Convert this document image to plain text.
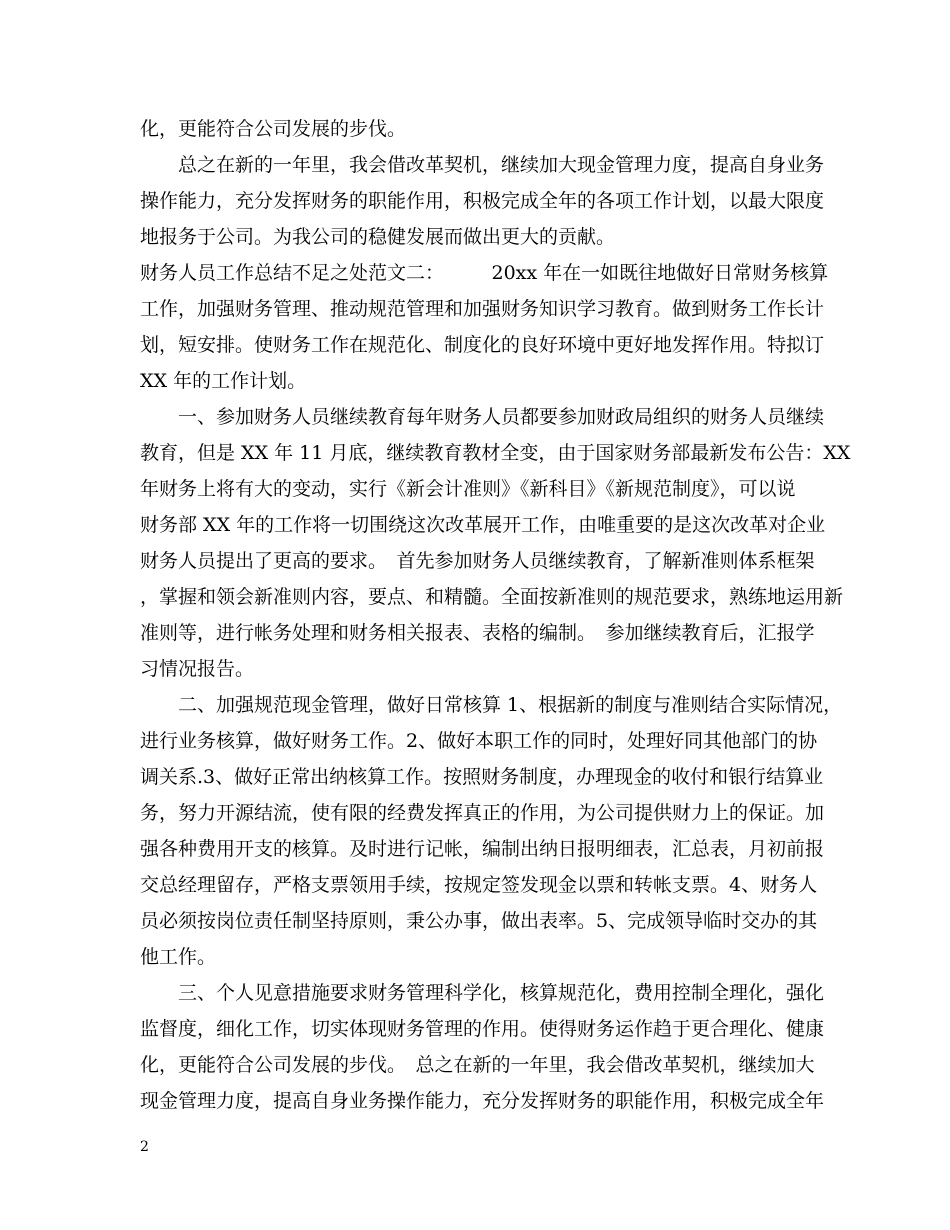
化，更能符合公司发展的步伐。
　　总之在新的一年里，我会借改革契机，继续加大现金管理力度，提高自身业务
操作能力，充分发挥财务的职能作用，积极完成全年的各项工作计划，以最大限度
地报务于公司。为我公司的稳健发展而做出更大的贡献。
财务人员工作总结不足之处范文二：　　　20xx 年在一如既往地做好日常财务核算
工作，加强财务管理、推动规范管理和加强财务知识学习教育。做到财务工作长计
划，短安排。使财务工作在规范化、制度化的良好环境中更好地发挥作用。特拟订
XX 年的工作计划。
　　一、参加财务人员继续教育每年财务人员都要参加财政局组织的财务人员继续
教育，但是 XX 年 11 月底，继续教育教材全变，由于国家财务部最新发布公告：XX
年财务上将有大的变动，实行《新会计准则》《新科目》《新规范制度》，可以说
财务部 XX 年的工作将一切围绕这次改革展开工作，由唯重要的是这次改革对企业
财务人员提出了更高的要求。　首先参加财务人员继续教育，了解新准则体系框架
，掌握和领会新准则内容，要点、和精髓。全面按新准则的规范要求，熟练地运用新
准则等，进行帐务处理和财务相关报表、表格的编制。　参加继续教育后，汇报学
习情况报告。
　　二、加强规范现金管理，做好日常核算 1、根据新的制度与准则结合实际情况，
进行业务核算，做好财务工作。2、做好本职工作的同时，处理好同其他部门的协
调关系.3、做好正常出纳核算工作。按照财务制度，办理现金的收付和银行结算业
务，努力开源结流，使有限的经费发挥真正的作用，为公司提供财力上的保证。加
强各种费用开支的核算。及时进行记帐，编制出纳日报明细表，汇总表，月初前报
交总经理留存，严格支票领用手续，按规定签发现金以票和转帐支票。4、财务人
员必须按岗位责任制坚持原则，秉公办事，做出表率。5、完成领导临时交办的其
他工作。
　　三、个人见意措施要求财务管理科学化，核算规范化，费用控制全理化，强化
监督度，细化工作，切实体现财务管理的作用。使得财务运作趋于更合理化、健康
化，更能符合公司发展的步伐。　总之在新的一年里，我会借改革契机，继续加大
现金管理力度，提高自身业务操作能力，充分发挥财务的职能作用，积极完成全年
2
